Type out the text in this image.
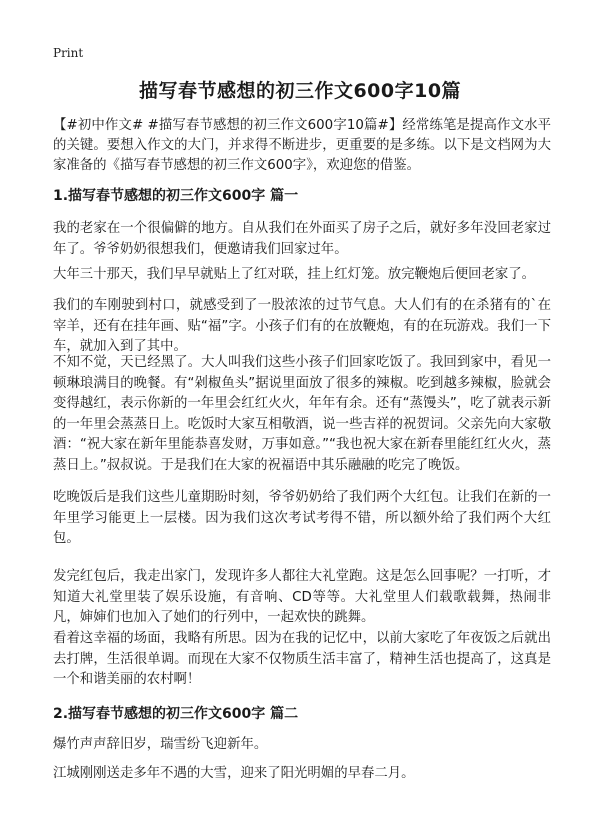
Print
描写春节感想的初三作文600字10篇
【#初中作文# #描写春节感想的初三作文600字10篇#】经常练笔是提高作文水平的关键。要想入作文的大门，并求得不断进步，更重要的是多练。以下是文档网为大家准备的《描写春节感想的初三作文600字》，欢迎您的借鉴。
1.描写春节感想的初三作文600字 篇一
我的老家在一个很偏僻的地方。自从我们在外面买了房子之后，就好多年没回老家过年了。爷爷奶奶很想我们，便邀请我们回家过年。
大年三十那天，我们早早就贴上了红对联，挂上红灯笼。放完鞭炮后便回老家了。
我们的车刚驶到村口，就感受到了一股浓浓的过节气息。大人们有的在杀猪有的`在宰羊，还有在挂年画、贴“福”字。小孩子们有的在放鞭炮，有的在玩游戏。我们一下车，就加入到了其中。
不知不觉，天已经黑了。大人叫我们这些小孩子们回家吃饭了。我回到家中，看见一顿琳琅满目的晚餐。有“剁椒鱼头”据说里面放了很多的辣椒。吃到越多辣椒，脸就会变得越红，表示你新的一年里会红红火火，年年有余。还有“蒸馒头”，吃了就表示新的一年里会蒸蒸日上。吃饭时大家互相敬酒，说一些吉祥的祝贺词。父亲先向大家敬酒：“祝大家在新年里能恭喜发财，万事如意。”“我也祝大家在新春里能红红火火，蒸蒸日上。”叔叔说。于是我们在大家的祝福语中其乐融融的吃完了晚饭。
吃晚饭后是我们这些儿童期盼时刻，爷爷奶奶给了我们两个大红包。让我们在新的一年里学习能更上一层楼。因为我们这次考试考得不错，所以额外给了我们两个大红包。
发完红包后，我走出家门，发现许多人都往大礼堂跑。这是怎么回事呢？一打听，才知道大礼堂里装了娱乐设施，有音响、CD等等。大礼堂里人们载歌载舞，热闹非凡，婶婶们也加入了她们的行列中，一起欢快的跳舞。
看着这幸福的场面，我略有所思。因为在我的记忆中，以前大家吃了年夜饭之后就出去打牌，生活很单调。而现在大家不仅物质生活丰富了，精神生活也提高了，这真是一个和谐美丽的农村啊！
2.描写春节感想的初三作文600字 篇二
爆竹声声辞旧岁，瑞雪纷飞迎新年。
江城刚刚送走多年不遇的大雪，迎来了阳光明媚的早春二月。
